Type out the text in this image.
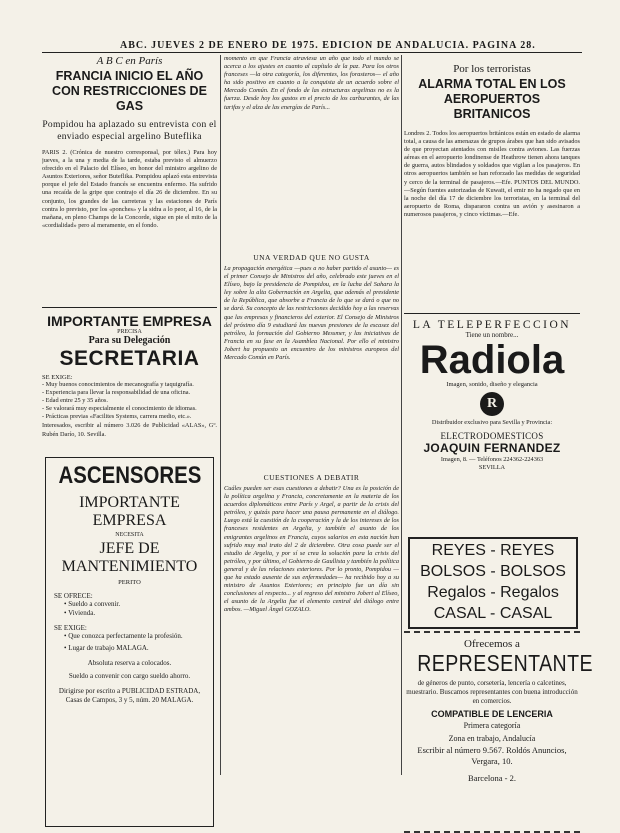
ABC. JUEVES 2 DE ENERO DE 1975. EDICION DE ANDALUCIA. PAGINA 28.
A B C en París
FRANCIA INICIO EL AÑO CON RESTRICCIONES DE GAS
Pompidou ha aplazado su entrevista con el enviado especial argelino Buteflika

PARIS 2. (Crónica de nuestro corresponsal, por télex.) Para hoy jueves, a la una y media de la tarde, estaba previsto el almuerzo ofrecido en el Palacio del Elíseo, en honor del ministro argelino de Asuntos Exteriores, señor Buteflika. Pompidou aplazó esta entrevista porque el jefe del Estado francés se encuentra enfermo. Ha sufrido una recaída de la gripe que contrajo el día 26 de diciembre. En su conjunto, los grandes de las carreteras y las estaciones de París contra lo previsto, por los «ponches» y la sidra a lo peor, al 16, de la mañana, en pleno Champs de la Concorde, sigue en pie el mito de la «cordialidad» pero al meramente, en el fondo.

IMPORTANTE EMPRESA
PRECISA
Para su Delegación
SECRETARIA
SE EXIGE:

- Muy buenos conocimientos de mecanografía y taquigrafía.

- Experiencia para llevar la responsabilidad de una oficina.

- Edad entre 25 y 35 años.

- Se valorará muy especialmente el conocimiento de idiomas.

- Prácticas previas «Facilites Systems, carrera medio, etc.».

Interesados, escribir al número 3.026 de Publicidad «ALAS», Gº. Rubén Darío, 10. Sevilla.

ASCENSORES
IMPORTANTE
EMPRESA
NECESITA
JEFE DE
MANTENIMIENTO
PERITO
SE OFRECE:

• Sueldo a convenir.

• Vivienda.

SE EXIGE:

• Que conozca perfectamente la profesión.

• Lugar de trabajo MALAGA.

Absoluta reserva a colocados.

Sueldo a convenir con cargo sueldo ahorro.

Dirigirse por escrito a PUBLICIDAD ESTRADA, Casas de Campos, 3 y 5, núm. 20 MALAGA.

momento en que Francia atraviesa un año que todo el mundo se acerca a los ajustes en cuanto al capítulo de la paz. Para los otros franceses —la otra categoría, los diferentes, los forasteros— el año ha sido positivo en cuanto a la conquista de un acuerdo sobre el Mercado Común. En el fondo de las estructuras argelinas no es la fuerza. Desde hoy los gastos en el precio de los carburantes, de las tarifas y el alza de las energías de París...

UNA VERDAD QUE NO GUSTA

La propagación energética —pues a no haber partido el asunto— es el primer Consejo de Ministros del año, celebrado este jueves en el Elíseo, bajo la presidencia de Pompidou, en la lucha del Sahara la ley sobre la alta Gobernación en Argelia, que además el presidente de la República, que absorbe a Francia de lo que se dará o que no se dará. Su concepto de las restricciones decidido hoy a las reservas que las empresas y financieros del exterior. El Consejo de Ministros del próximo día 9 estudiará las nuevas presiones de la escasez del petróleo, la formación del Gobierno Messmer, y las iniciativas de Francia en su fase en la Asamblea Nacional. Por ello el ministro Jobert ha propuesto un encuentro de los ministros europeos del Mercado Común en París.

CUESTIONES A DEBATIR

Cuáles pueden ser esas cuestiones a debatir? Una es la posición de la política argelina y Francia, concretamente en la materia de los acuerdos diplomáticos entre París y Argel, a partir de la crisis del petróleo, y quizás para hacer una pausa permanente en el diálogo. Luego está la cuestión de la cooperación y la de los intereses de los franceses residentes en Argelia, y también el asunto de los emigrantes argelinos en Francia, cuyos salarios en esta nación han sufrido muy mal trato del 2 de diciembre. Otra cosa puede ser el estudio de Argelia, y por sí se crea la solución para la crisis del petróleo, y por último, el Gobierno de Gaullista y también la política general y de las relaciones exteriores. Por lo pronto, Pompidou —que ha estado ausente de sus enfermedades— ha recibido hoy a su ministro de Asuntos Exteriores; en principio fue un día sin conclusiones al respecto... y al regreso del ministro Jobert al Elíseo, el asunto de la Argelia fue el elemento central del diálogo entre ambos. —Miguel Ángel GOZALO.

Por los terroristas
ALARMA TOTAL EN LOS AEROPUERTOS BRITANICOS

Londres 2. Todos los aeropuertos británicos están en estado de alarma total, a causa de las amenazas de grupos árabes que han sido avisados de que proyectan atentados con misiles contra aviones. Las fuerzas aéreas en el aeropuerto londinense de Heathrow tienen ahora tanques de guerra, autos blindados y soldados que vigilan a los pasajeros. En otros aeropuertos también se han reforzado las medidas de seguridad y cerco de la terminal de pasajeros.—Efe. PUNTOS DEL MUNDO.—Según fuentes autorizadas de Kuwait, el emir no ha negado que en la noche del día 17 de diciembre los terroristas, en la terminal del aeropuerto de Roma, dispararon contra un avión y asesinaron a numerosos pasajeros, y cinco víctimas.—Efe.

LA TELEPERFECCION
Tiene un nombre...
Radiola
Imagen, sonido, diseño y elegancia
R

Distribuidor exclusivo para Sevilla y Provincia:

ELECTRODOMESTICOS
JOAQUIN FERNANDEZ

Imagen, 8. — Teléfonos 224362-224363

SEVILLA

REYES - REYES
BOLSOS - BOLSOS
Regalos - Regalos
CASAL - CASAL
Ofrecemos a
REPRESENTANTE

de géneros de punto, corsetería, lencería o calcetines, muestrario. Buscamos representantes con buena introducción en comercios.

COMPATIBLE DE LENCERIA
Primera categoría
Zona en trabajo, Andalucía

Escribir al número 9.567. Roldós Anuncios, Vergara, 10.

Barcelona - 2.
